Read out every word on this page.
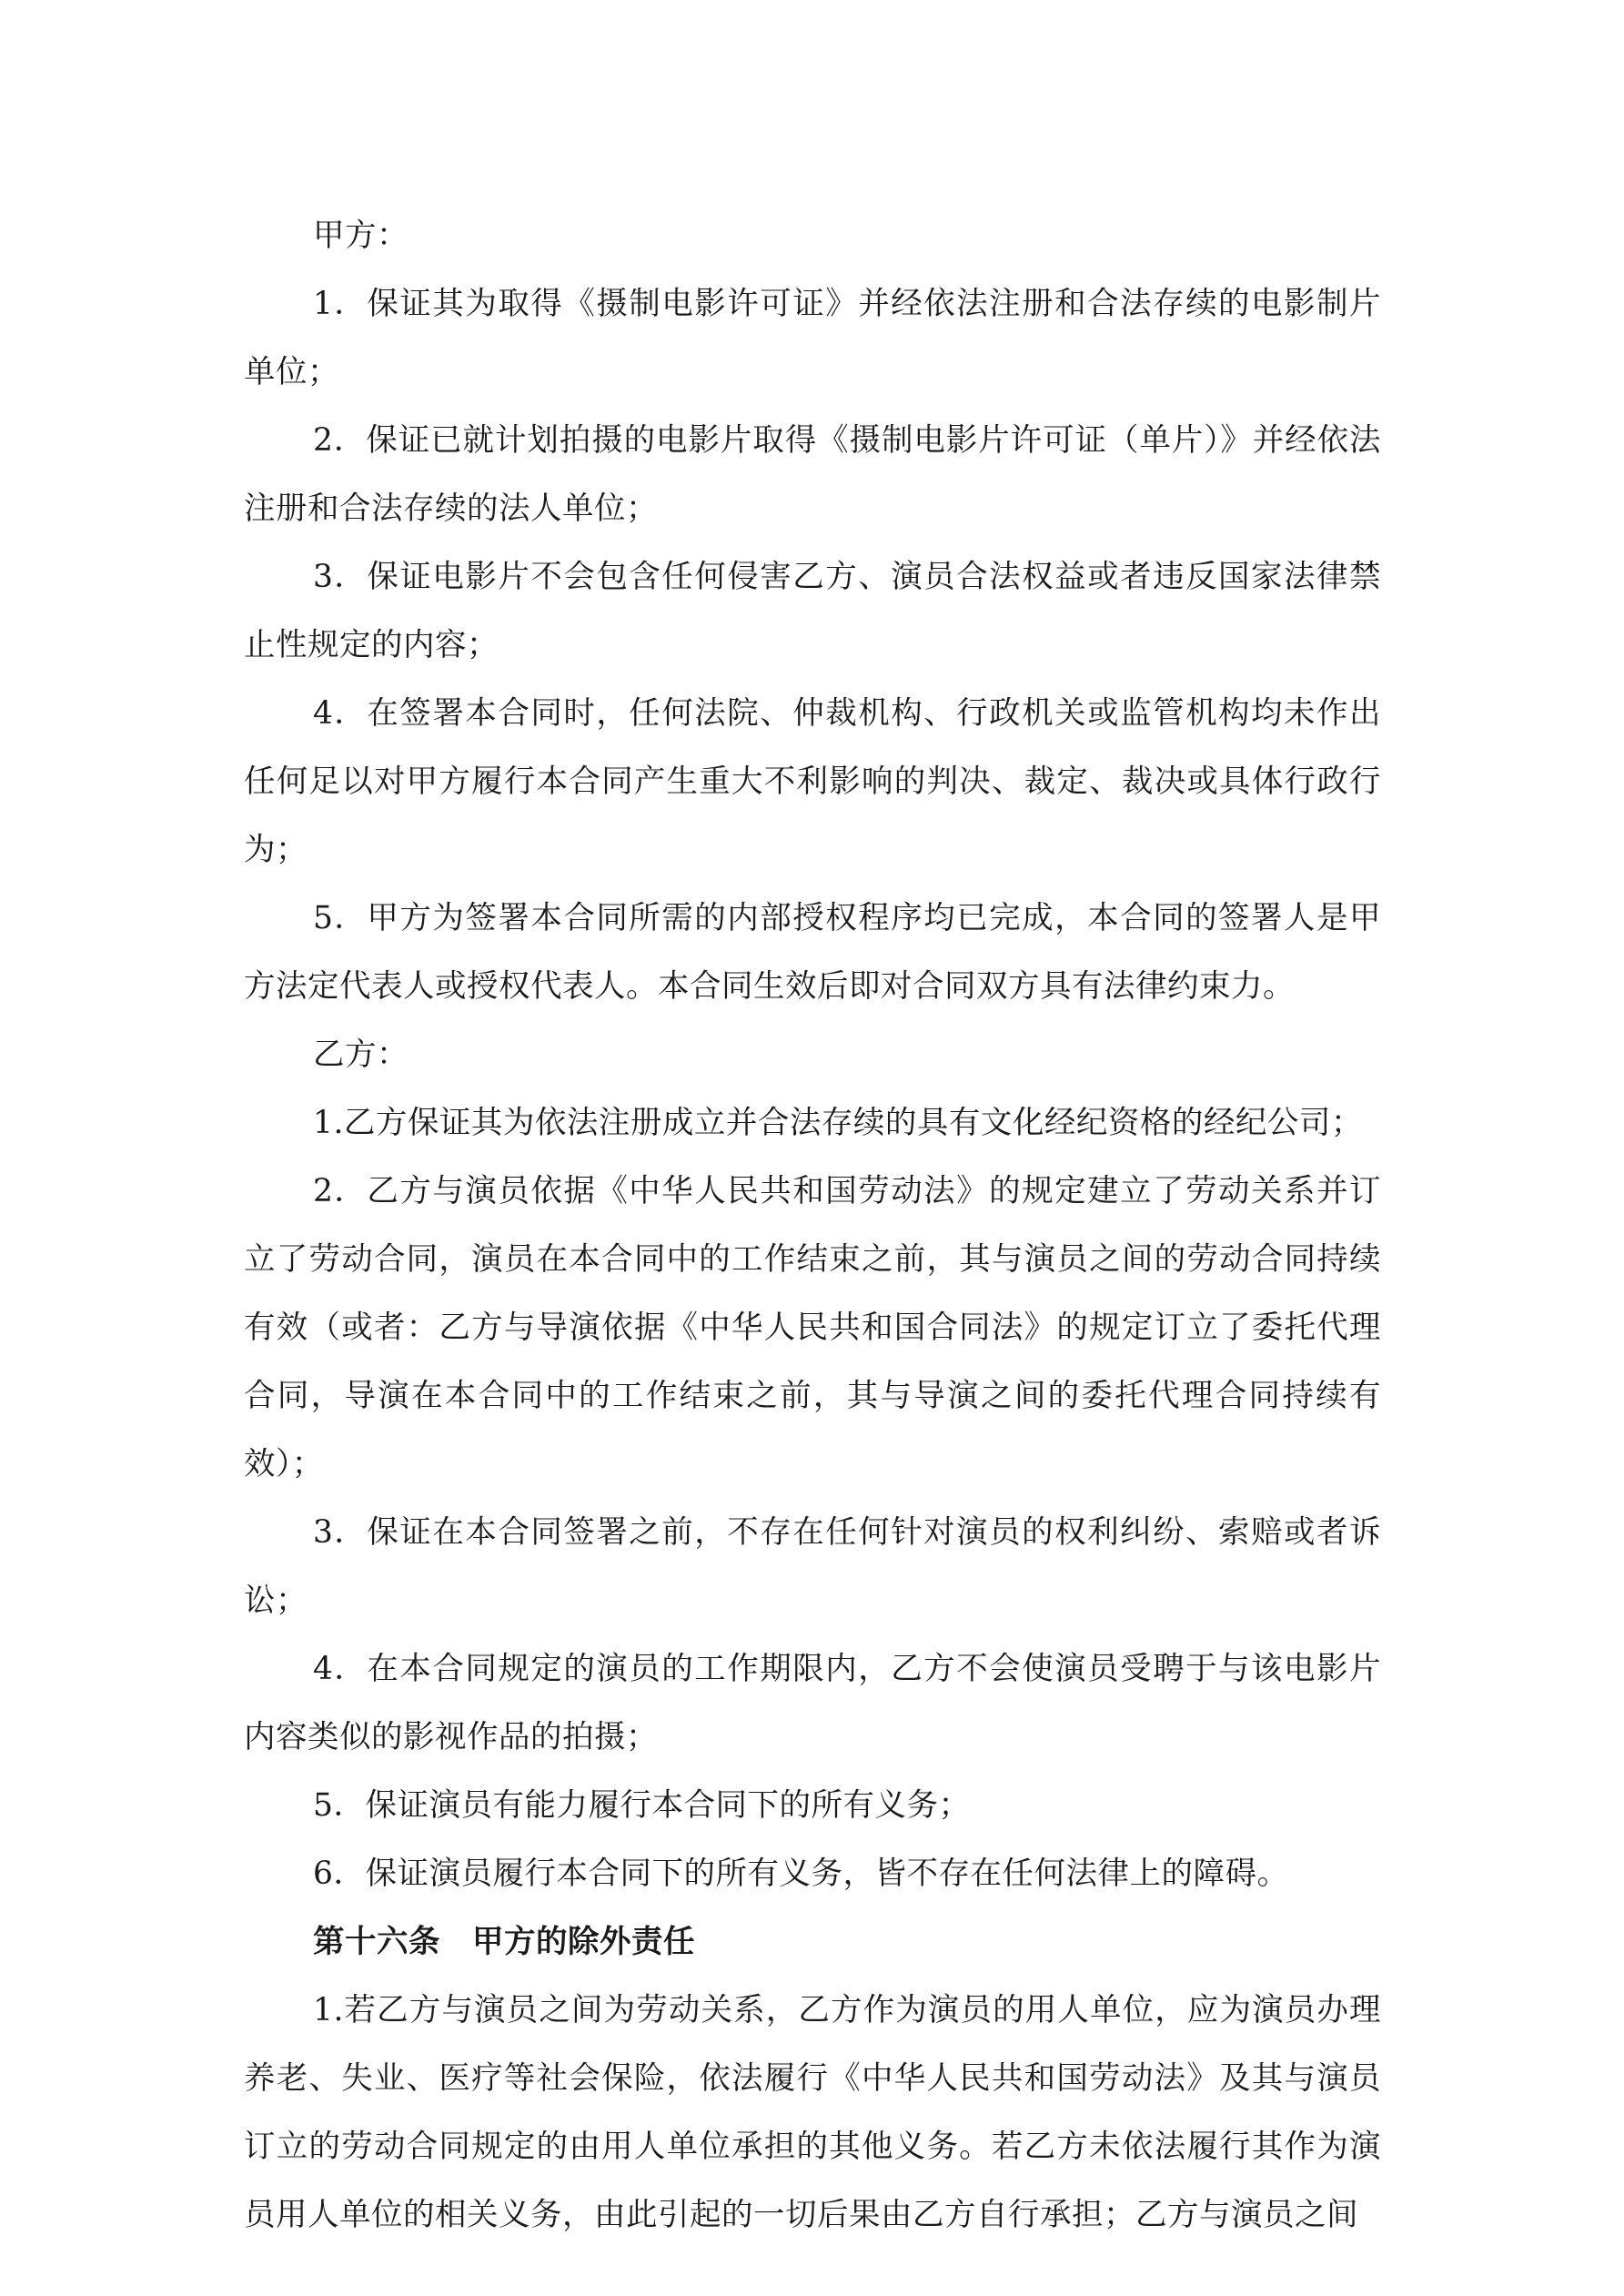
甲方：

1．保证其为取得《摄制电影许可证》并经依法注册和合法存续的电影制片单位；

2．保证已就计划拍摄的电影片取得《摄制电影片许可证（单片）》并经依法注册和合法存续的法人单位；

3．保证电影片不会包含任何侵害乙方、演员合法权益或者违反国家法律禁止性规定的内容；

4．在签署本合同时，任何法院、仲裁机构、行政机关或监管机构均未作出任何足以对甲方履行本合同产生重大不利影响的判决、裁定、裁决或具体行政行为；

5．甲方为签署本合同所需的内部授权程序均已完成，本合同的签署人是甲方法定代表人或授权代表人。本合同生效后即对合同双方具有法律约束力。

乙方：

1.乙方保证其为依法注册成立并合法存续的具有文化经纪资格的经纪公司；

2．乙方与演员依据《中华人民共和国劳动法》的规定建立了劳动关系并订立了劳动合同，演员在本合同中的工作结束之前，其与演员之间的劳动合同持续有效（或者：乙方与导演依据《中华人民共和国合同法》的规定订立了委托代理合同，导演在本合同中的工作结束之前，其与导演之间的委托代理合同持续有效）；

3．保证在本合同签署之前，不存在任何针对演员的权利纠纷、索赔或者诉讼；

4．在本合同规定的演员的工作期限内，乙方不会使演员受聘于与该电影片内容类似的影视作品的拍摄；

5．保证演员有能力履行本合同下的所有义务；

6．保证演员履行本合同下的所有义务，皆不存在任何法律上的障碍。

第十六条　甲方的除外责任

1.若乙方与演员之间为劳动关系，乙方作为演员的用人单位，应为演员办理养老、失业、医疗等社会保险，依法履行《中华人民共和国劳动法》及其与演员订立的劳动合同规定的由用人单位承担的其他义务。若乙方未依法履行其作为演员用人单位的相关义务，由此引起的一切后果由乙方自行承担；乙方与演员之间
